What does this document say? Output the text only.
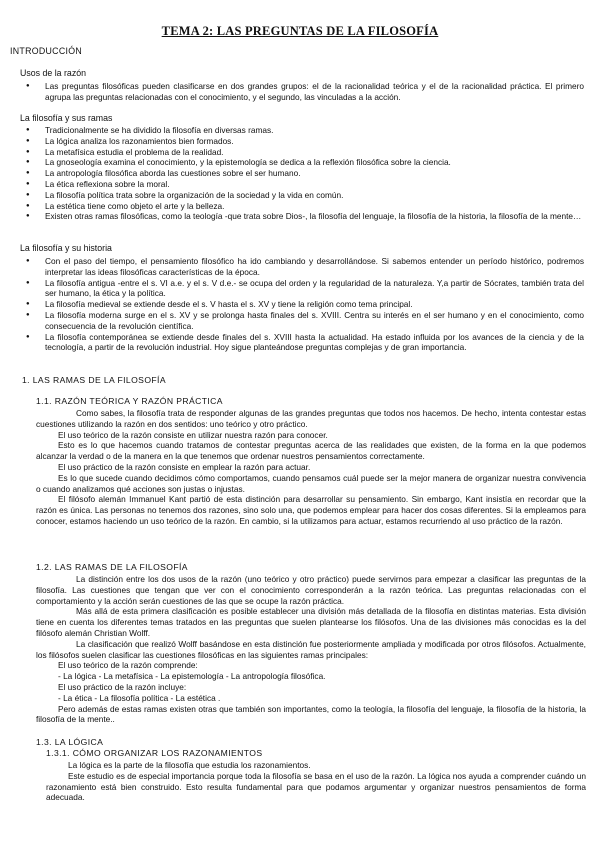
TEMA 2: LAS PREGUNTAS DE LA FILOSOFÍA
INTRODUCCIÓN
Usos de la razón
● Las preguntas filosóficas pueden clasificarse en dos grandes grupos: el de la racionalidad teórica y el de la racionalidad práctica. El primero agrupa las preguntas relacionadas con el conocimiento, y el segundo, las vinculadas a la acción.
La filosofía y sus ramas
● Tradicionalmente se ha dividido la filosofía en diversas ramas.
● La lógica analiza los razonamientos bien formados.
● La metafísica estudia el problema de la realidad.
● La gnoseología examina el conocimiento, y la epistemología se dedica a la reflexión filosófica sobre la ciencia.
● La antropología filosófica aborda las cuestiones sobre el ser humano.
● La ética reflexiona sobre la moral.
● La filosofía política trata sobre la organización de la sociedad y la vida en común.
● La estética tiene como objeto el arte y la belleza.
● Existen otras ramas filosóficas, como la teología -que trata sobre Dios-, la filosofía del lenguaje, la filosofía de la historia, la filosofía de la mente…
La filosofía y su historia
● Con el paso del tiempo, el pensamiento filosófico ha ido cambiando y desarrollándose. Si sabemos entender un período histórico, podremos interpretar las ideas filosóficas características de la época.
● La filosofía antigua -entre el s. VI a.e. y el s. V d.e.- se ocupa del orden y la regularidad de la naturaleza. Y,a partir de Sócrates, también trata del ser humano, la ética y la política.
● La filosofía medieval se extiende desde el s. V hasta el s. XV y tiene la religión como tema principal.
● La filosofía moderna surge en el s. XV y se prolonga hasta finales del s. XVIII. Centra su interés en el ser humano y en el conocimiento, como consecuencia de la revolución científica.
● La filosofía contemporánea se extiende desde finales del s. XVIII hasta la actualidad. Ha estado influida por los avances de la ciencia y de la tecnología, a partir de la revolución industrial. Hoy sigue planteándose preguntas complejas y de gran importancia.
1. LAS RAMAS DE LA FILOSOFÍA
1.1. RAZÓN TEÓRICA Y RAZÓN PRÁCTICA

Como sabes, la filosofía trata de responder algunas de las grandes preguntas que todos nos hacemos. De hecho, intenta contestar estas cuestiones utilizando la razón en dos sentidos: uno teórico y otro práctico.

El uso teórico de la razón consiste en utilizar nuestra razón para conocer.

Esto es lo que hacemos cuando tratamos de contestar preguntas acerca de las realidades que existen, de la forma en la que podemos alcanzar la verdad o de la manera en la que tenemos que ordenar nuestros pensamientos correctamente.

El uso práctico de la razón consiste en emplear la razón para actuar.

Es lo que sucede cuando decidimos cómo comportamos, cuando pensamos cuál puede ser la mejor manera de organizar nuestra convivencia o cuando analizamos qué acciones son justas o injustas.

El filósofo alemán Immanuel Kant partió de esta distinción para desarrollar su pensamiento. Sin embargo, Kant insistía en recordar que la razón es única. Las personas no tenemos dos razones, sino solo una, que podemos emplear para hacer dos cosas diferentes. Si la empleamos para conocer, estamos haciendo un uso teórico de la razón. En cambio, si la utilizamos para actuar, estamos recurriendo al uso práctico de la razón.

1.2. LAS RAMAS DE LA FILOSOFÍA

La distinción entre los dos usos de la razón (uno teórico y otro práctico) puede servirnos para empezar a clasificar las preguntas de la filosofía. Las cuestiones que tengan que ver con el conocimiento corresponderán a la razón teórica. Las preguntas relacionadas con el comportamiento y la acción serán cuestiones de las que se ocupe la razón práctica.

Más allá de esta primera clasificación es posible establecer una división más detallada de la filosofía en distintas materias. Esta división tiene en cuenta los diferentes temas tratados en las preguntas que suelen plantearse los filósofos. Una de las divisiones más conocidas es la del filósofo alemán Christian Wolff.

La clasificación que realizó Wolff basándose en esta distinción fue posteriormente ampliada y modificada por otros filósofos. Actualmente, los filósofos suelen clasificar las cuestiones filosóficas en las siguientes ramas principales:

El uso teórico de la razón comprende:

- La lógica - La metafísica - La epistemología - La antropología filosófica.

El uso práctico de la razón incluye:

- La ética - La filosofía política - La estética .

Pero además de estas ramas existen otras que también son importantes, como la teología, la filosofía del lenguaje, la filosofía de la historia, la filosofía de la mente..

1.3. LA LÓGICA
1.3.1. CÓMO ORGANIZAR LOS RAZONAMIENTOS

La lógica es la parte de la filosofía que estudia los razonamientos.

Este estudio es de especial importancia porque toda la filosofía se basa en el uso de la razón. La lógica nos ayuda a comprender cuándo un razonamiento está bien construido. Esto resulta fundamental para que podamos argumentar y organizar nuestros pensamientos de forma adecuada.
